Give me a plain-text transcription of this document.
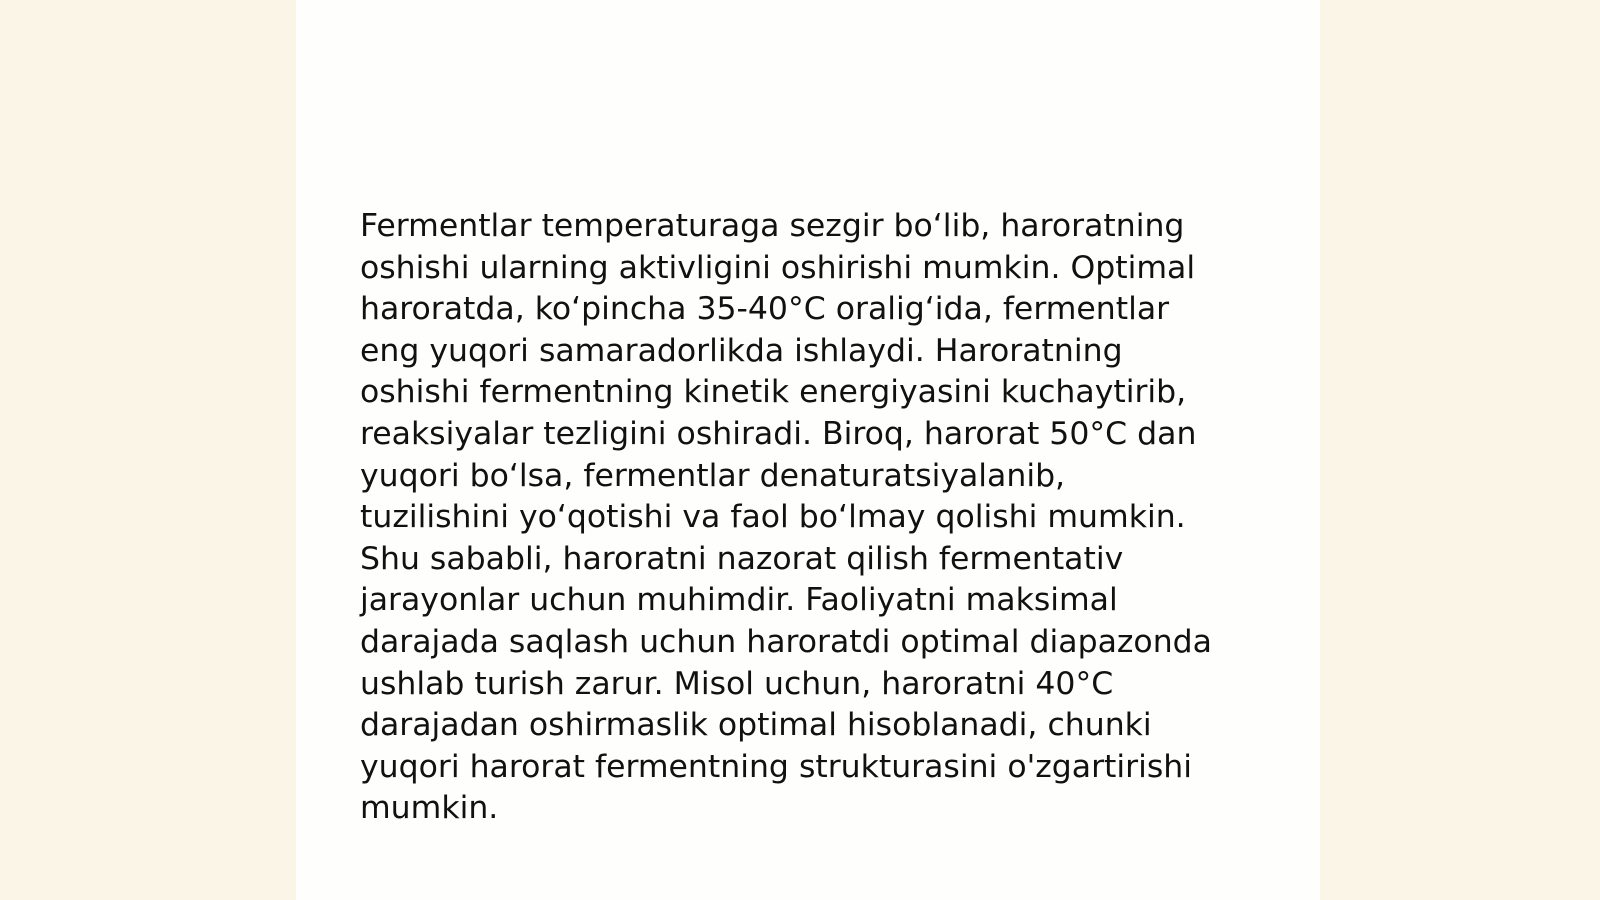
Fermentlar temperaturaga sezgir bo‘lib, haroratning
oshishi ularning aktivligini oshirishi mumkin. Optimal
haroratda, ko‘pincha 35-40°C oralig‘ida, fermentlar
eng yuqori samaradorlikda ishlaydi. Haroratning
oshishi fermentning kinetik energiyasini kuchaytirib,
reaksiyalar tezligini oshiradi. Biroq, harorat 50°C dan
yuqori bo‘lsa, fermentlar denaturatsiyalanib,
tuzilishini yo‘qotishi va faol bo‘lmay qolishi mumkin.
Shu sababli, haroratni nazorat qilish fermentativ
jarayonlar uchun muhimdir. Faoliyatni maksimal
darajada saqlash uchun haroratdi optimal diapazonda
ushlab turish zarur. Misol uchun, haroratni 40°C
darajadan oshirmaslik optimal hisoblanadi, chunki
yuqori harorat fermentning strukturasini o'zgartirishi
mumkin.
